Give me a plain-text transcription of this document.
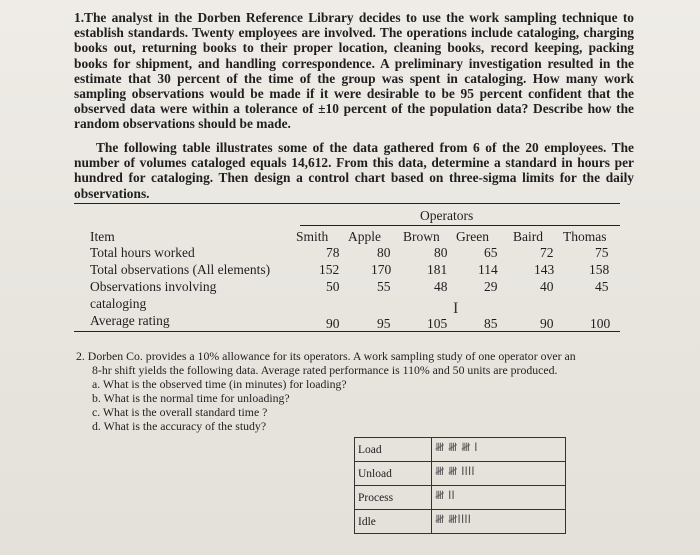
1.The analyst in the Dorben Reference Library decides to use the work sampling technique to establish standards. Twenty employees are involved. The operations include cataloging, charging books out, returning books to their proper location, cleaning books, record keeping, packing books for shipment, and handling correspondence. A preliminary investigation resulted in the estimate that 30 percent of the time of the group was spent in cataloging. How many work sampling observations would be made if it were desirable to be 95 percent confident that the observed data were within a tolerance of ±10 percent of the population data? Describe how the random observations should be made.
The following table illustrates some of the data gathered from 6 of the 20 employees. The number of volumes cataloged equals 14,612. From this data, determine a standard in hours per hundred for cataloging. Then design a control chart based on three-sigma limits for the daily observations.
Operators
Item	Smith Apple Brown Green Baird Thomas
Total hours worked	78	80	80	65	72	75
Total observations (All elements)	152 170	181 114	143	158
Observations involving
cataloging
50	55	48	29	40	45
Average rating	90	95	105	85	90	100
I
2. Dorben Co. provides a 10% allowance for its operators. A work sampling study of one operator over an
8-hr shift yields the following data. Average rated performance is 110% and 50 units are produced.
a. What is the observed time (in minutes) for loading?
b. What is the normal time for unloading?
c. What is the overall standard time ?
d. What is the accuracy of the study?
Load	𝍸 𝍸 𝍸 I
Unload	𝍸 𝍸 IIII
Process	𝍸 II
Idle	𝍸 𝍸IIII
